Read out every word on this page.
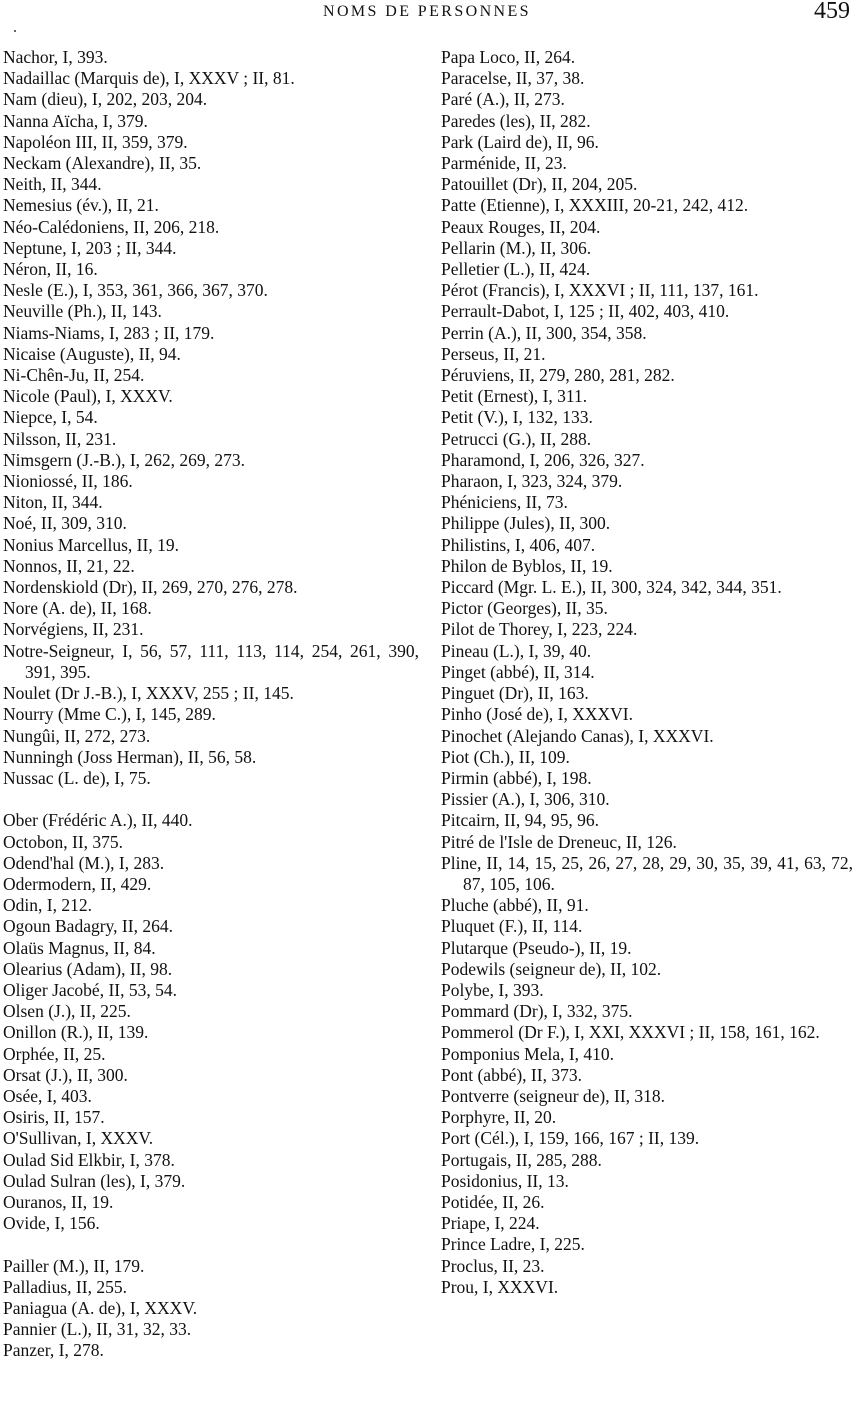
NOMS DE PERSONNES	459

Nachor, I, 393.

Nadaillac (Marquis de), I, XXXV ; II, 81.

Nam (dieu), I, 202, 203, 204.

Nanna Aïcha, I, 379.

Napoléon III, II, 359, 379.

Neckam (Alexandre), II, 35.

Neith, II, 344.

Nemesius (év.), II, 21.

Néo-Calédoniens, II, 206, 218.

Neptune, I, 203 ; II, 344.

Néron, II, 16.

Nesle (E.), I, 353, 361, 366, 367, 370.

Neuville (Ph.), II, 143.

Niams-Niams, I, 283 ; II, 179.

Nicaise (Auguste), II, 94.

Ni-Chên-Ju, II, 254.

Nicole (Paul), I, XXXV.

Niepce, I, 54.

Nilsson, II, 231.

Nimsgern (J.-B.), I, 262, 269, 273.

Nioniossé, II, 186.

Niton, II, 344.

Noé, II, 309, 310.

Nonius Marcellus, II, 19.

Nonnos, II, 21, 22.

Nordenskiold (Dr), II, 269, 270, 276, 278.

Nore (A. de), II, 168.

Norvégiens, II, 231.

Notre-Seigneur, I, 56, 57, 111, 113, 114, 254, 261, 390, 391, 395.

Noulet (Dr J.-B.), I, XXXV, 255 ; II, 145.

Nourry (Mme C.), I, 145, 289.

Nungûi, II, 272, 273.

Nunningh (Joss Herman), II, 56, 58.

Nussac (L. de), I, 75.

Ober (Frédéric A.), II, 440.

Octobon, II, 375.

Odend'hal (M.), I, 283.

Odermodern, II, 429.

Odin, I, 212.

Ogoun Badagry, II, 264.

Olaüs Magnus, II, 84.

Olearius (Adam), II, 98.

Oliger Jacobé, II, 53, 54.

Olsen (J.), II, 225.

Onillon (R.), II, 139.

Orphée, II, 25.

Orsat (J.), II, 300.

Osée, I, 403.

Osiris, II, 157.

O'Sullivan, I, XXXV.

Oulad Sid Elkbir, I, 378.

Oulad Sulran (les), I, 379.

Ouranos, II, 19.

Ovide, I, 156.

Pailler (M.), II, 179.

Palladius, II, 255.

Paniagua (A. de), I, XXXV.

Pannier (L.), II, 31, 32, 33.

Panzer, I, 278.

Papa Loco, II, 264.

Paracelse, II, 37, 38.

Paré (A.), II, 273.

Paredes (les), II, 282.

Park (Laird de), II, 96.

Parménide, II, 23.

Patouillet (Dr), II, 204, 205.

Patte (Etienne), I, XXXIII, 20-21, 242, 412.

Peaux Rouges, II, 204.

Pellarin (M.), II, 306.

Pelletier (L.), II, 424.

Pérot (Francis), I, XXXVI ; II, 111, 137, 161.

Perrault-Dabot, I, 125 ; II, 402, 403, 410.

Perrin (A.), II, 300, 354, 358.

Perseus, II, 21.

Péruviens, II, 279, 280, 281, 282.

Petit (Ernest), I, 311.

Petit (V.), I, 132, 133.

Petrucci (G.), II, 288.

Pharamond, I, 206, 326, 327.

Pharaon, I, 323, 324, 379.

Phéniciens, II, 73.

Philippe (Jules), II, 300.

Philistins, I, 406, 407.

Philon de Byblos, II, 19.

Piccard (Mgr. L. E.), II, 300, 324, 342, 344, 351.

Pictor (Georges), II, 35.

Pilot de Thorey, I, 223, 224.

Pineau (L.), I, 39, 40.

Pinget (abbé), II, 314.

Pinguet (Dr), II, 163.

Pinho (José de), I, XXXVI.

Pinochet (Alejando Canas), I, XXXVI.

Piot (Ch.), II, 109.

Pirmin (abbé), I, 198.

Pissier (A.), I, 306, 310.

Pitcairn, II, 94, 95, 96.

Pitré de l'Isle de Dreneuc, II, 126.

Pline, II, 14, 15, 25, 26, 27, 28, 29, 30, 35, 39, 41, 63, 72, 87, 105, 106.

Pluche (abbé), II, 91.

Pluquet (F.), II, 114.

Plutarque (Pseudo-), II, 19.

Podewils (seigneur de), II, 102.

Polybe, I, 393.

Pommard (Dr), I, 332, 375.

Pommerol (Dr F.), I, XXI, XXXVI ; II, 158, 161, 162.

Pomponius Mela, I, 410.

Pont (abbé), II, 373.

Pontverre (seigneur de), II, 318.

Porphyre, II, 20.

Port (Cél.), I, 159, 166, 167 ; II, 139.

Portugais, II, 285, 288.

Posidonius, II, 13.

Potidée, II, 26.

Priape, I, 224.

Prince Ladre, I, 225.

Proclus, II, 23.

Prou, I, XXXVI.
